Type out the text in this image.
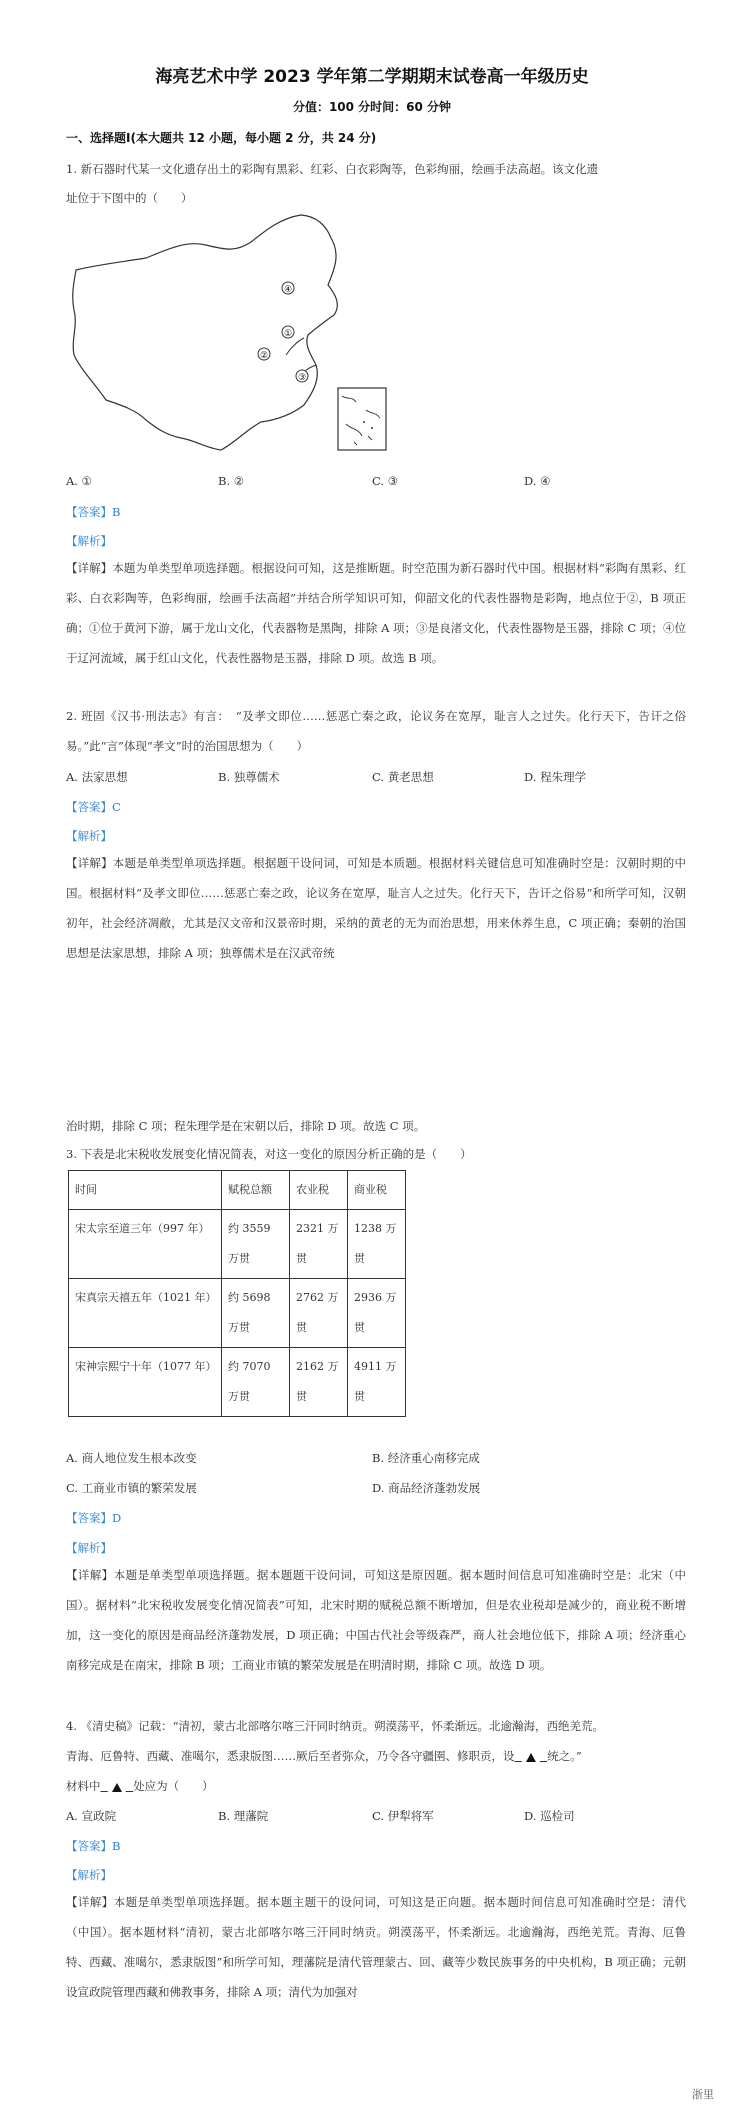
海亮艺术中学 2023 学年第二学期期末试卷高一年级历史
分值：100 分时间：60 分钟
一、选择题Ⅰ(本大题共 12 小题，每小题 2 分，共 24 分)
1. 新石器时代某一文化遗存出土的彩陶有黑彩、红彩、白衣彩陶等，色彩绚丽，绘画手法高超。该文化遗
址位于下图中的（　　）
④
①
②
③
A. ①	B. ②	C. ③	D. ④
【答案】B
【解析】
【详解】本题为单类型单项选择题。根据设问可知，这是推断题。时空范围为新石器时代中国。根据材料“彩陶有黑彩、红彩、白衣彩陶等，色彩绚丽，绘画手法高超”并结合所学知识可知，仰韶文化的代表性器物是彩陶，地点位于②，B 项正确；①位于黄河下游，属于龙山文化，代表器物是黑陶，排除 A 项；③是良渚文化，代表性器物是玉器，排除 C 项；④位于辽河流域，属于红山文化，代表性器物是玉器，排除 D 项。故选 B 项。
2. 班固《汉书·刑法志》有言：　“及孝文即位……惩恶亡秦之政，论议务在宽厚，耻言人之过失。化行天下，告讦之俗易。”此“言”体现“孝文”时的治国思想为（　　）
A. 法家思想	B. 独尊儒术	C. 黄老思想	D. 程朱理学
【答案】C
【解析】
【详解】本题是单类型单项选择题。根据题干设问词，可知是本质题。根据材料关键信息可知准确时空是：汉朝时期的中国。根据材料“及孝文即位……惩恶亡秦之政，论议务在宽厚，耻言人之过失。化行天下，告讦之俗易”和所学可知，汉朝初年，社会经济凋敝，尤其是汉文帝和汉景帝时期，采纳的黄老的无为而治思想，用来休养生息，C 项正确；秦朝的治国思想是法家思想，排除 A 项；独尊儒术是在汉武帝统
治时期，排除 C 项；程朱理学是在宋朝以后，排除 D 项。故选 C 项。
3. 下表是北宋税收发展变化情况简表，对这一变化的原因分析正确的是（　　）
时间	赋税总额	农业税	商业税
宋太宗至道三年（997 年）	约 3559 万贯	2321 万贯	1238 万贯
宋真宗天禧五年（1021 年）	约 5698 万贯	2762 万贯	2936 万贯
宋神宗熙宁十年（1077 年）	约 7070 万贯	2162 万贯	4911 万贯
A. 商人地位发生根本改变	B. 经济重心南移完成
C. 工商业市镇的繁荣发展	D. 商品经济蓬勃发展
【答案】D
【解析】
【详解】本题是单类型单项选择题。据本题题干设问词，可知这是原因题。据本题时间信息可知准确时空是：北宋（中国）。据材料“北宋税收发展变化情况简表”可知，北宋时期的赋税总额不断增加，但是农业税却是减少的，商业税不断增加，这一变化的原因是商品经济蓬勃发展，D 项正确；中国古代社会等级森严，商人社会地位低下，排除 A 项；经济重心南移完成是在南宋，排除 B 项；工商业市镇的繁荣发展是在明清时期，排除 C 项。故选 D 项。
4. 《清史稿》记载：“清初，蒙古北部喀尔喀三汗同时纳贡。朔漠荡平，怀柔渐远。北逾瀚海，西绝羌荒。
青海、厄鲁特、西藏、准噶尔，悉隶版图……厥后至者弥众，乃令各守疆圉、修职贡，设	统之。”
材料中	处应为（　　）
A. 宣政院	B. 理藩院	C. 伊犁将军	D. 巡检司
【答案】B
【解析】
【详解】本题是单类型单项选择题。据本题主题干的设问词，可知这是正向题。据本题时间信息可知准确时空是：清代（中国）。据本题材料“清初，蒙古北部喀尔喀三汗同时纳贡。朔漠荡平，怀柔渐远。北逾瀚海，西绝羌荒。青海、厄鲁特、西藏、准噶尔，悉隶版图”和所学可知，理藩院是清代管理蒙古、回、藏等少数民族事务的中央机构，B 项正确；元朝设宣政院管理西藏和佛教事务，排除 A 项；清代为加强对
浙里
